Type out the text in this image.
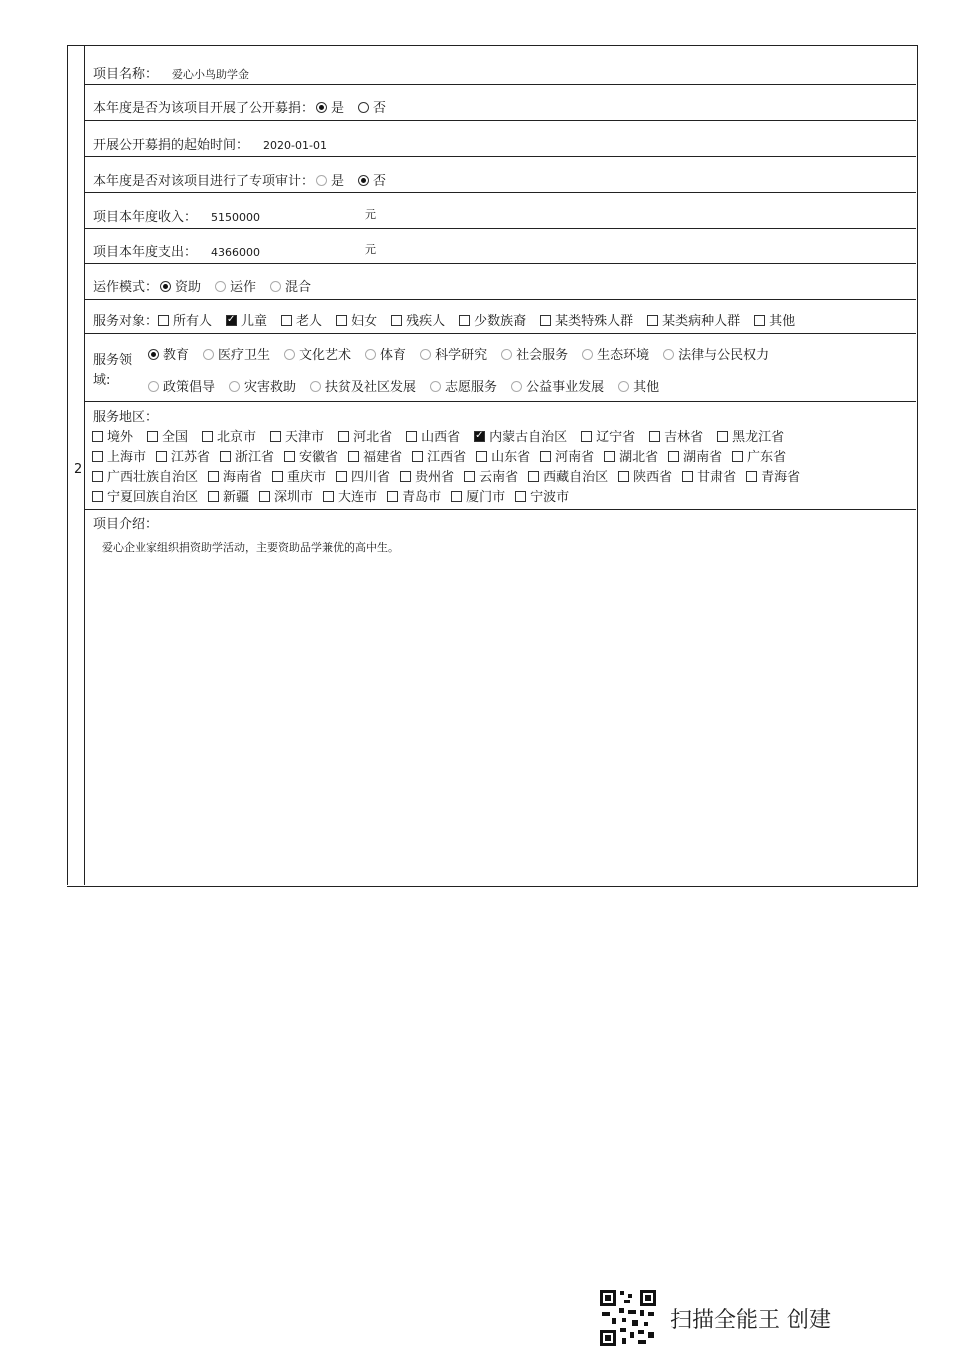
2
项目名称： 爱心小鸟助学金
本年度是否为该项目开展了公开募捐： 是 否
开展公开募捐的起始时间： 2020-01-01
本年度是否对该项目进行了专项审计： 是 否
项目本年度收入： 5150000	元
项目本年度支出： 4366000	元
运作模式： 资助 运作 混合
服务对象： 所有人 ✓ 儿童 老人 妇女 残疾人 少数族裔 某类特殊人群 某类病种人群 其他
服务领
域:
教育 医疗卫生 文化艺术 体育 科学研究 社会服务 生态环境 法律与公民权力
政策倡导 灾害救助 扶贫及社区发展 志愿服务 公益事业发展 其他
服务地区：
境外 全国 北京市 天津市 河北省 山西省 ✓ 内蒙古自治区 辽宁省 吉林省 黑龙江省
上海市 江苏省 浙江省 安徽省 福建省 江西省 山东省 河南省 湖北省 湖南省 广东省
广西壮族自治区 海南省 重庆市 四川省 贵州省 云南省 西藏自治区 陕西省 甘肃省 青海省
宁夏回族自治区 新疆 深圳市 大连市 青岛市 厦门市 宁波市
项目介绍：
爱心企业家组织捐资助学活动，主要资助品学兼优的高中生。
扫描全能王 创建
